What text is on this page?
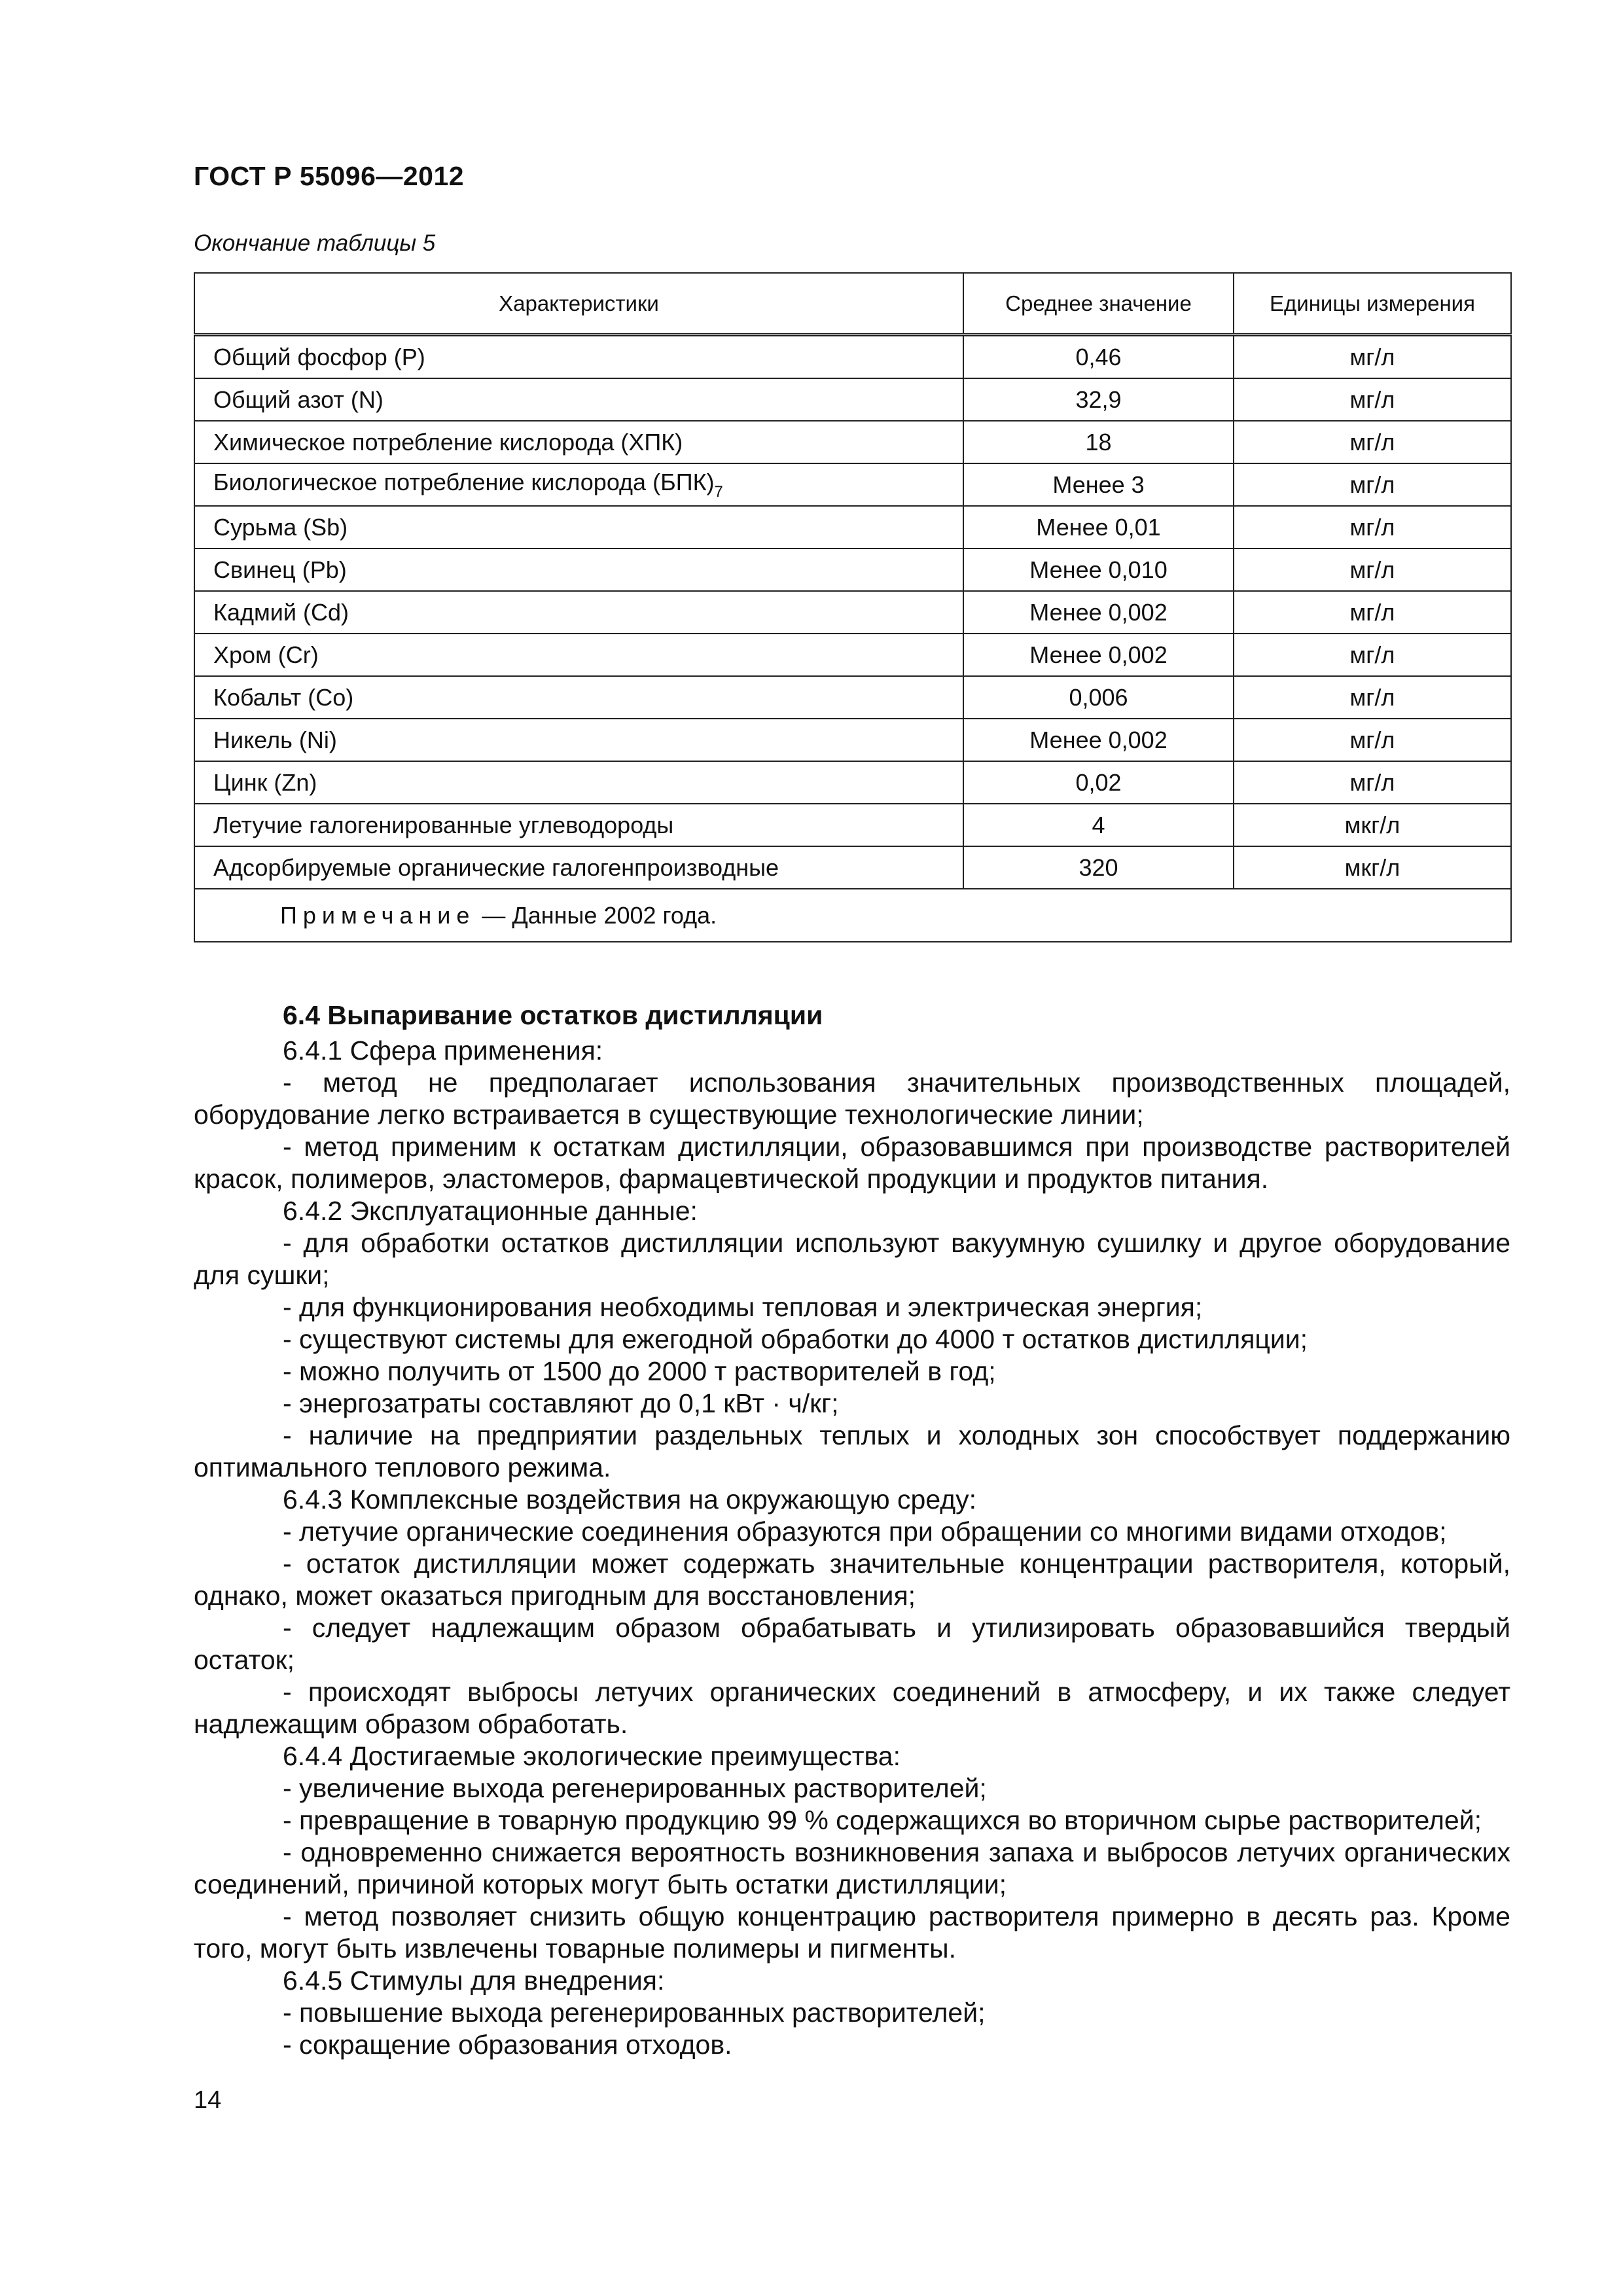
ГОСТ Р 55096—2012
Окончание таблицы 5
Характеристики	Среднее значение	Единицы измерения
Общий фосфор (P)	0,46	мг/л
Общий азот (N)	32,9	мг/л
Химическое потребление кислорода (ХПК)	18	мг/л
Биологическое потребление кислорода $(БПК)_7$	Менее 3	мг/л
Сурьма (Sb)	Менее 0,01	мг/л
Свинец (Pb)	Менее 0,010	мг/л
Кадмий (Cd)	Менее 0,002	мг/л
Хром (Cr)	Менее 0,002	мг/л
Кобальт (Co)	0,006	мг/л
Никель (Ni)	Менее 0,002	мг/л
Цинк (Zn)	0,02	мг/л
Летучие галогенированные углеводороды	4	мкг/л
Адсорбируемые органические галогенпроизводные	320	мкг/л
Примечание — Данные 2002 года.		
6.4 Выпаривание остатков дистилляции

6.4.1 Сфера применения:

- метод не предполагает использования значительных производственных площадей, оборудование легко встраивается в существующие технологические линии;

- метод применим к остаткам дистилляции, образовавшимся при производстве растворителей красок, полимеров, эластомеров, фармацевтической продукции и продуктов питания.

6.4.2 Эксплуатационные данные:

- для обработки остатков дистилляции используют вакуумную сушилку и другое оборудование для сушки;

- для функционирования необходимы тепловая и электрическая энергия;

- существуют системы для ежегодной обработки до 4000 т остатков дистилляции;

- можно получить от 1500 до 2000 т растворителей в год;

- энергозатраты составляют до 0,1 кВт · ч/кг;

- наличие на предприятии раздельных теплых и холодных зон способствует поддержанию оптимального теплового режима.

6.4.3 Комплексные воздействия на окружающую среду:

- летучие органические соединения образуются при обращении со многими видами отходов;

- остаток дистилляции может содержать значительные концентрации растворителя, который, однако, может оказаться пригодным для восстановления;

- следует надлежащим образом обрабатывать и утилизировать образовавшийся твердый остаток;

- происходят выбросы летучих органических соединений в атмосферу, и их также следует надлежащим образом обработать.

6.4.4 Достигаемые экологические преимущества:

- увеличение выхода регенерированных растворителей;

- превращение в товарную продукцию 99 % содержащихся во вторичном сырье растворителей;

- одновременно снижается вероятность возникновения запаха и выбросов летучих органических соединений, причиной которых могут быть остатки дистилляции;

- метод позволяет снизить общую концентрацию растворителя примерно в десять раз. Кроме того, могут быть извлечены товарные полимеры и пигменты.

6.4.5 Стимулы для внедрения:

- повышение выхода регенерированных растворителей;

- сокращение образования отходов.

14
